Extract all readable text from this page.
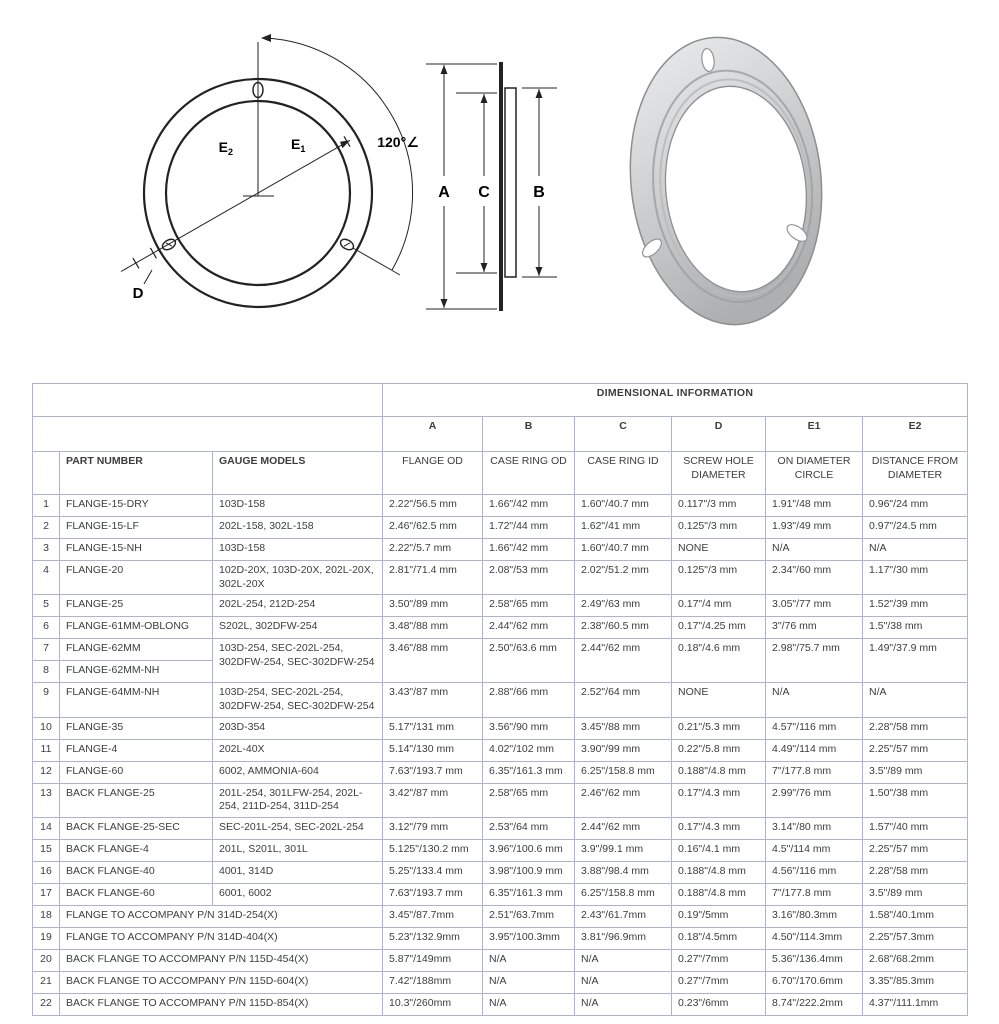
$E_2$	$E_1$	120°∠
D
A C	B
			DIMENSIONAL INFORMATION					
			A	B	C	D	E1	E2
	PART NUMBER	GAUGE MODELS	FLANGE OD	CASE RING OD	CASE RING ID	SCREW HOLE DIAMETER	ON DIAMETER CIRCLE	DISTANCE FROM DIAMETER
1	FLANGE-15-DRY	103D-158	2.22"/56.5 mm	1.66"/42 mm	1.60"/40.7 mm	0.117"/3 mm	1.91"/48 mm	0.96"/24 mm
2	FLANGE-15-LF	202L-158, 302L-158	2.46"/62.5 mm	1.72"/44 mm	1.62"/41 mm	0.125"/3 mm	1.93"/49 mm	0.97"/24.5 mm
3	FLANGE-15-NH	103D-158	2.22"/5.7 mm	1.66"/42 mm	1.60"/40.7 mm	NONE	N/A	N/A
4	FLANGE-20	102D-20X, 103D-20X, 202L-20X, 302L-20X	2.81"/71.4 mm	2.08"/53 mm	2.02"/51.2 mm	0.125"/3 mm	2.34"/60 mm	1.17"/30 mm
5	FLANGE-25	202L-254, 212D-254	3.50"/89 mm	2.58"/65 mm	2.49"/63 mm	0.17"/4 mm	3.05"/77 mm	1.52"/39 mm
6	FLANGE-61MM-OBLONG	S202L, 302DFW-254	3.48"/88 mm	2.44"/62 mm	2.38"/60.5 mm	0.17"/4.25 mm	3"/76 mm	1.5"/38 mm
7	FLANGE-62MM	103D-254, SEC-202L-254, 302DFW-254, SEC-302DFW-254	3.46"/88 mm	2.50"/63.6 mm	2.44"/62 mm	0.18"/4.6 mm	2.98"/75.7 mm	1.49"/37.9 mm
8	FLANGE-62MM-NH							
9	FLANGE-64MM-NH	103D-254, SEC-202L-254, 302DFW-254, SEC-302DFW-254	3.43"/87 mm	2.88"/66 mm	2.52"/64 mm	NONE	N/A	N/A
10	FLANGE-35	203D-354	5.17"/131 mm	3.56"/90 mm	3.45"/88 mm	0.21"/5.3 mm	4.57"/116 mm	2.28"/58 mm
11	FLANGE-4	202L-40X	5.14"/130 mm	4.02"/102 mm	3.90"/99 mm	0.22"/5.8 mm	4.49"/114 mm	2.25"/57 mm
12	FLANGE-60	6002, AMMONIA-604	7.63"/193.7 mm	6.35"/161.3 mm	6.25"/158.8 mm	0.188"/4.8 mm	7"/177.8 mm	3.5"/89 mm
13	BACK FLANGE-25	201L-254, 301LFW-254, 202L-254, 211D-254, 311D-254	3.42"/87 mm	2.58"/65 mm	2.46"/62 mm	0.17"/4.3 mm	2.99"/76 mm	1.50"/38 mm
14	BACK FLANGE-25-SEC	SEC-201L-254, SEC-202L-254	3.12"/79 mm	2.53"/64 mm	2.44"/62 mm	0.17"/4.3 mm	3.14"/80 mm	1.57"/40 mm
15	BACK FLANGE-4	201L, S201L, 301L	5.125"/130.2 mm	3.96"/100.6 mm	3.9"/99.1 mm	0.16"/4.1 mm	4.5"/114 mm	2.25"/57 mm
16	BACK FLANGE-40	4001, 314D	5.25"/133.4 mm	3.98"/100.9 mm	3.88"/98.4 mm	0.188"/4.8 mm	4.56"/116 mm	2.28"/58 mm
17	BACK FLANGE-60	6001, 6002	7.63"/193.7 mm	6.35"/161.3 mm	6.25"/158.8 mm	0.188"/4.8 mm	7"/177.8 mm	3.5"/89 mm
18	FLANGE TO ACCOMPANY P/N 314D-254(X)		3.45"/87.7mm	2.51"/63.7mm	2.43"/61.7mm	0.19"/5mm	3.16"/80.3mm	1.58"/40.1mm
19	FLANGE TO ACCOMPANY P/N 314D-404(X)		5.23"/132.9mm	3.95"/100.3mm	3.81"/96.9mm	0.18"/4.5mm	4.50"/114.3mm	2.25"/57.3mm
20	BACK FLANGE TO ACCOMPANY P/N 115D-454(X)		5.87"/149mm	N/A	N/A	0.27"/7mm	5.36"/136.4mm	2.68"/68.2mm
21	BACK FLANGE TO ACCOMPANY P/N 115D-604(X)		7.42"/188mm	N/A	N/A	0.27"/7mm	6.70"/170.6mm	3.35"/85.3mm
22	BACK FLANGE TO ACCOMPANY P/N 115D-854(X)		10.3"/260mm	N/A	N/A	0.23"/6mm	8.74"/222.2mm	4.37"/111.1mm
